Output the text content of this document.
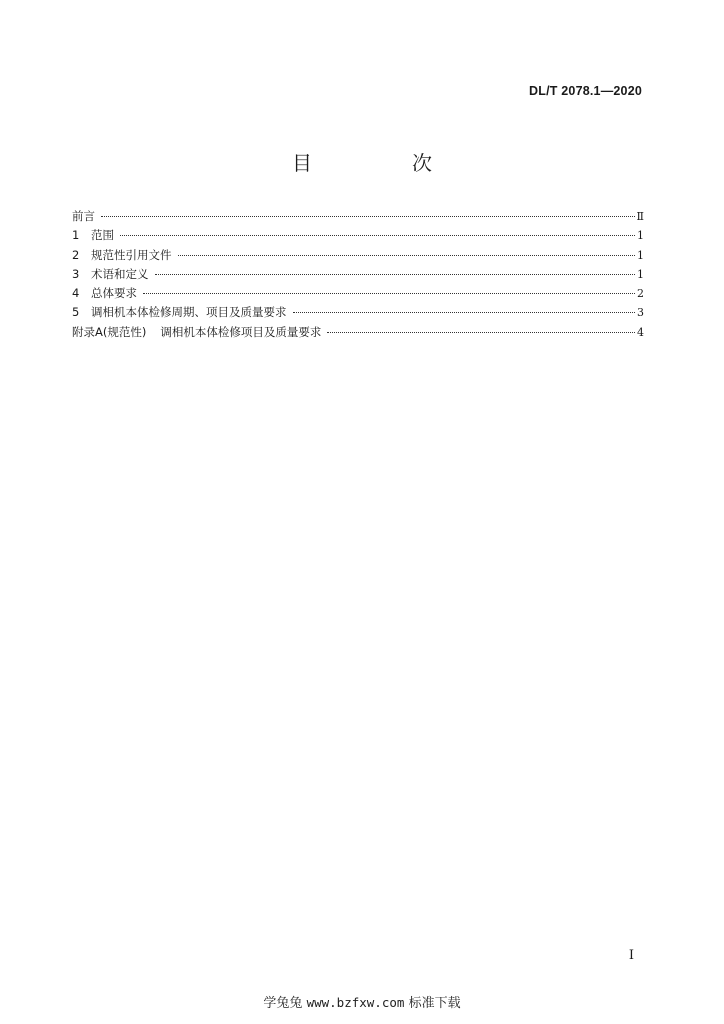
DL/T 2078.1—2020
目　次
前言	Ⅱ
1	范围	1
2	规范性引用文件	1
3	术语和定义	1
4	总体要求	2
5	调相机本体检修周期、项目及质量要求	3
附录A(规范性) 调相机本体检修项目及质量要求	4
I
学兔兔 www.bzfxw.com 标准下载
